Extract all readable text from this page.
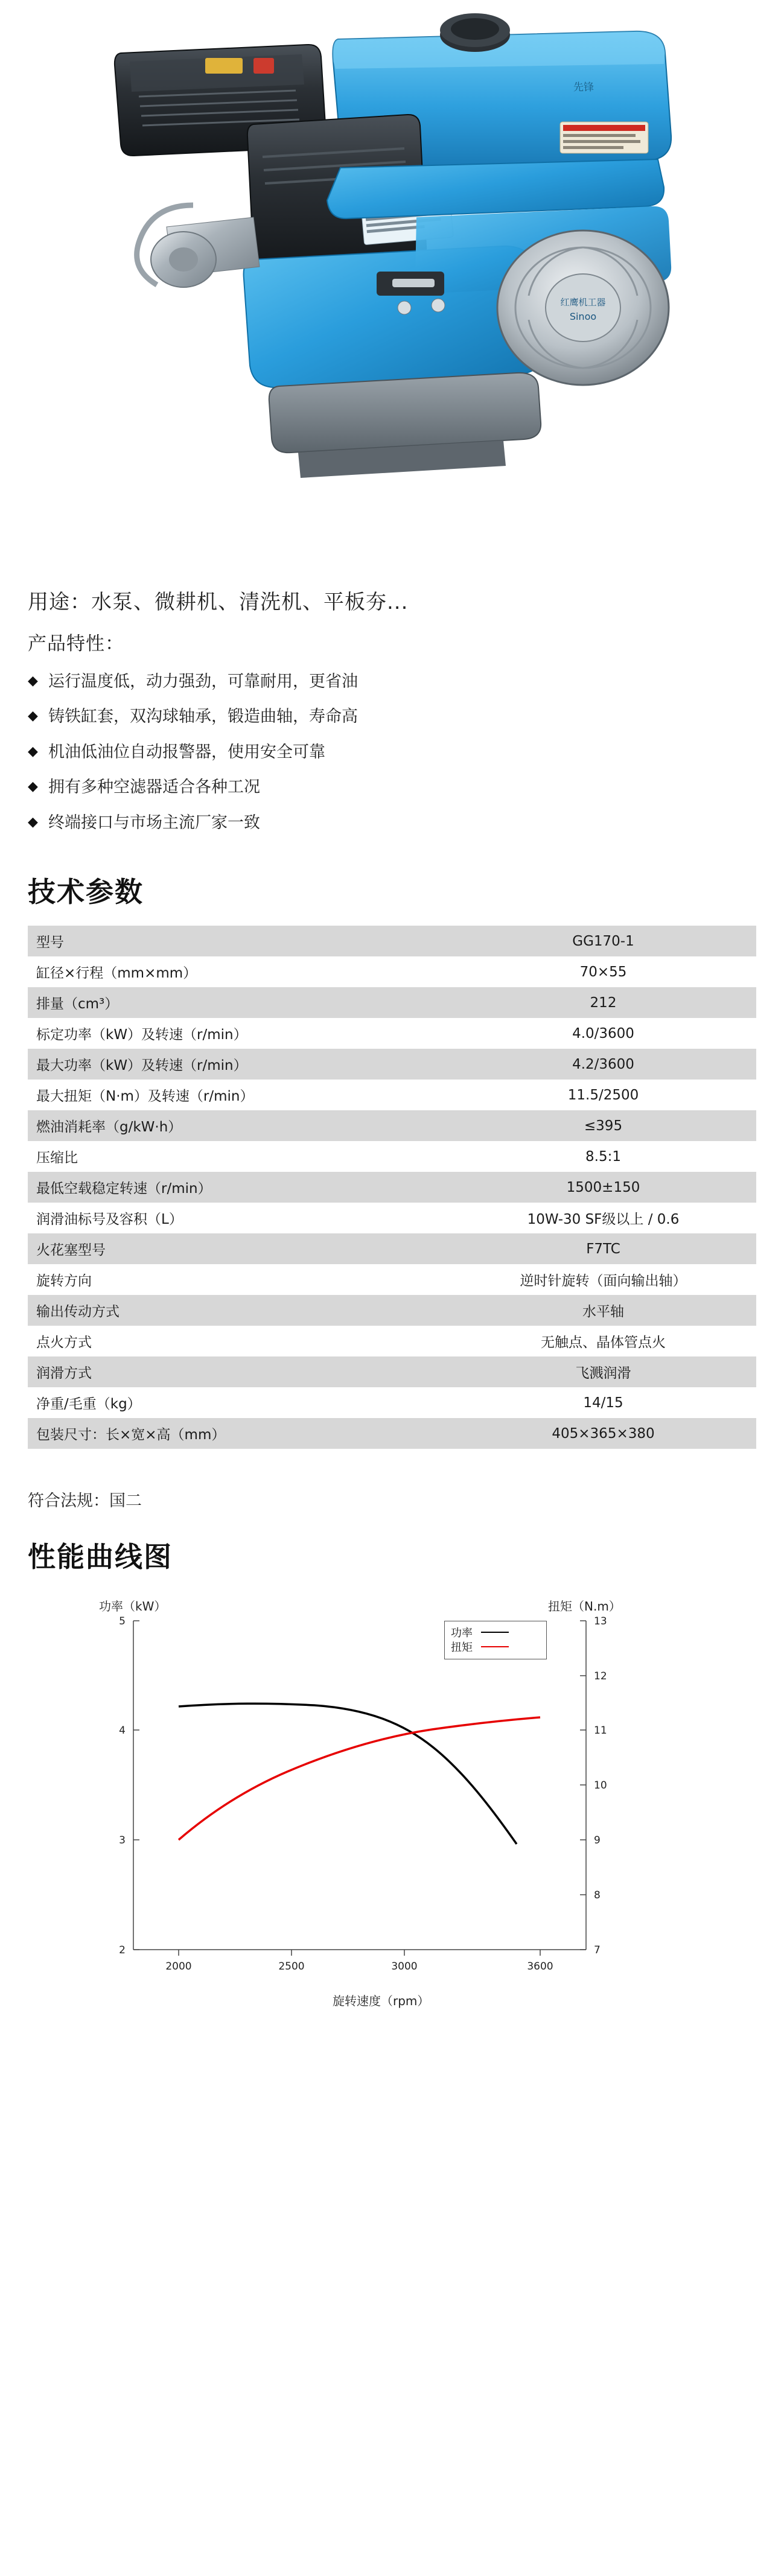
先锋
红鹰机工器
Sinoo
用途：水泵、微耕机、清洗机、平板夯...
产品特性：
◆ 运行温度低，动力强劲，可靠耐用，更省油
◆ 铸铁缸套，双沟球轴承，锻造曲轴，寿命高
◆ 机油低油位自动报警器，使用安全可靠
◆ 拥有多种空滤器适合各种工况
◆ 终端接口与市场主流厂家一致
技术参数
型号	GG170-1
缸径×行程（mm×mm）	70×55
排量（cm³）	212
标定功率（kW）及转速（r/min）	4.0/3600
最大功率（kW）及转速（r/min）	4.2/3600
最大扭矩（N·m）及转速（r/min）	11.5/2500
燃油消耗率（g/kW·h）	≤395
压缩比	8.5:1
最低空载稳定转速（r/min）	1500±150
润滑油标号及容积（L）	10W-30 SF级以上 / 0.6
火花塞型号	F7TC
旋转方向	逆时针旋转（面向输出轴）
输出传动方式	水平轴
点火方式	无触点、晶体管点火
润滑方式	飞溅润滑
净重/毛重（kg）	14/15
包装尺寸：长×宽×高（mm）	405×365×380
符合法规：国二
性能曲线图
功率（kW）	扭矩（N.m）
旋转速度（rpm）
2
3
4
5
7
8
9
10
11
12
13
2000	2500	3000	3600
功率
扭矩
